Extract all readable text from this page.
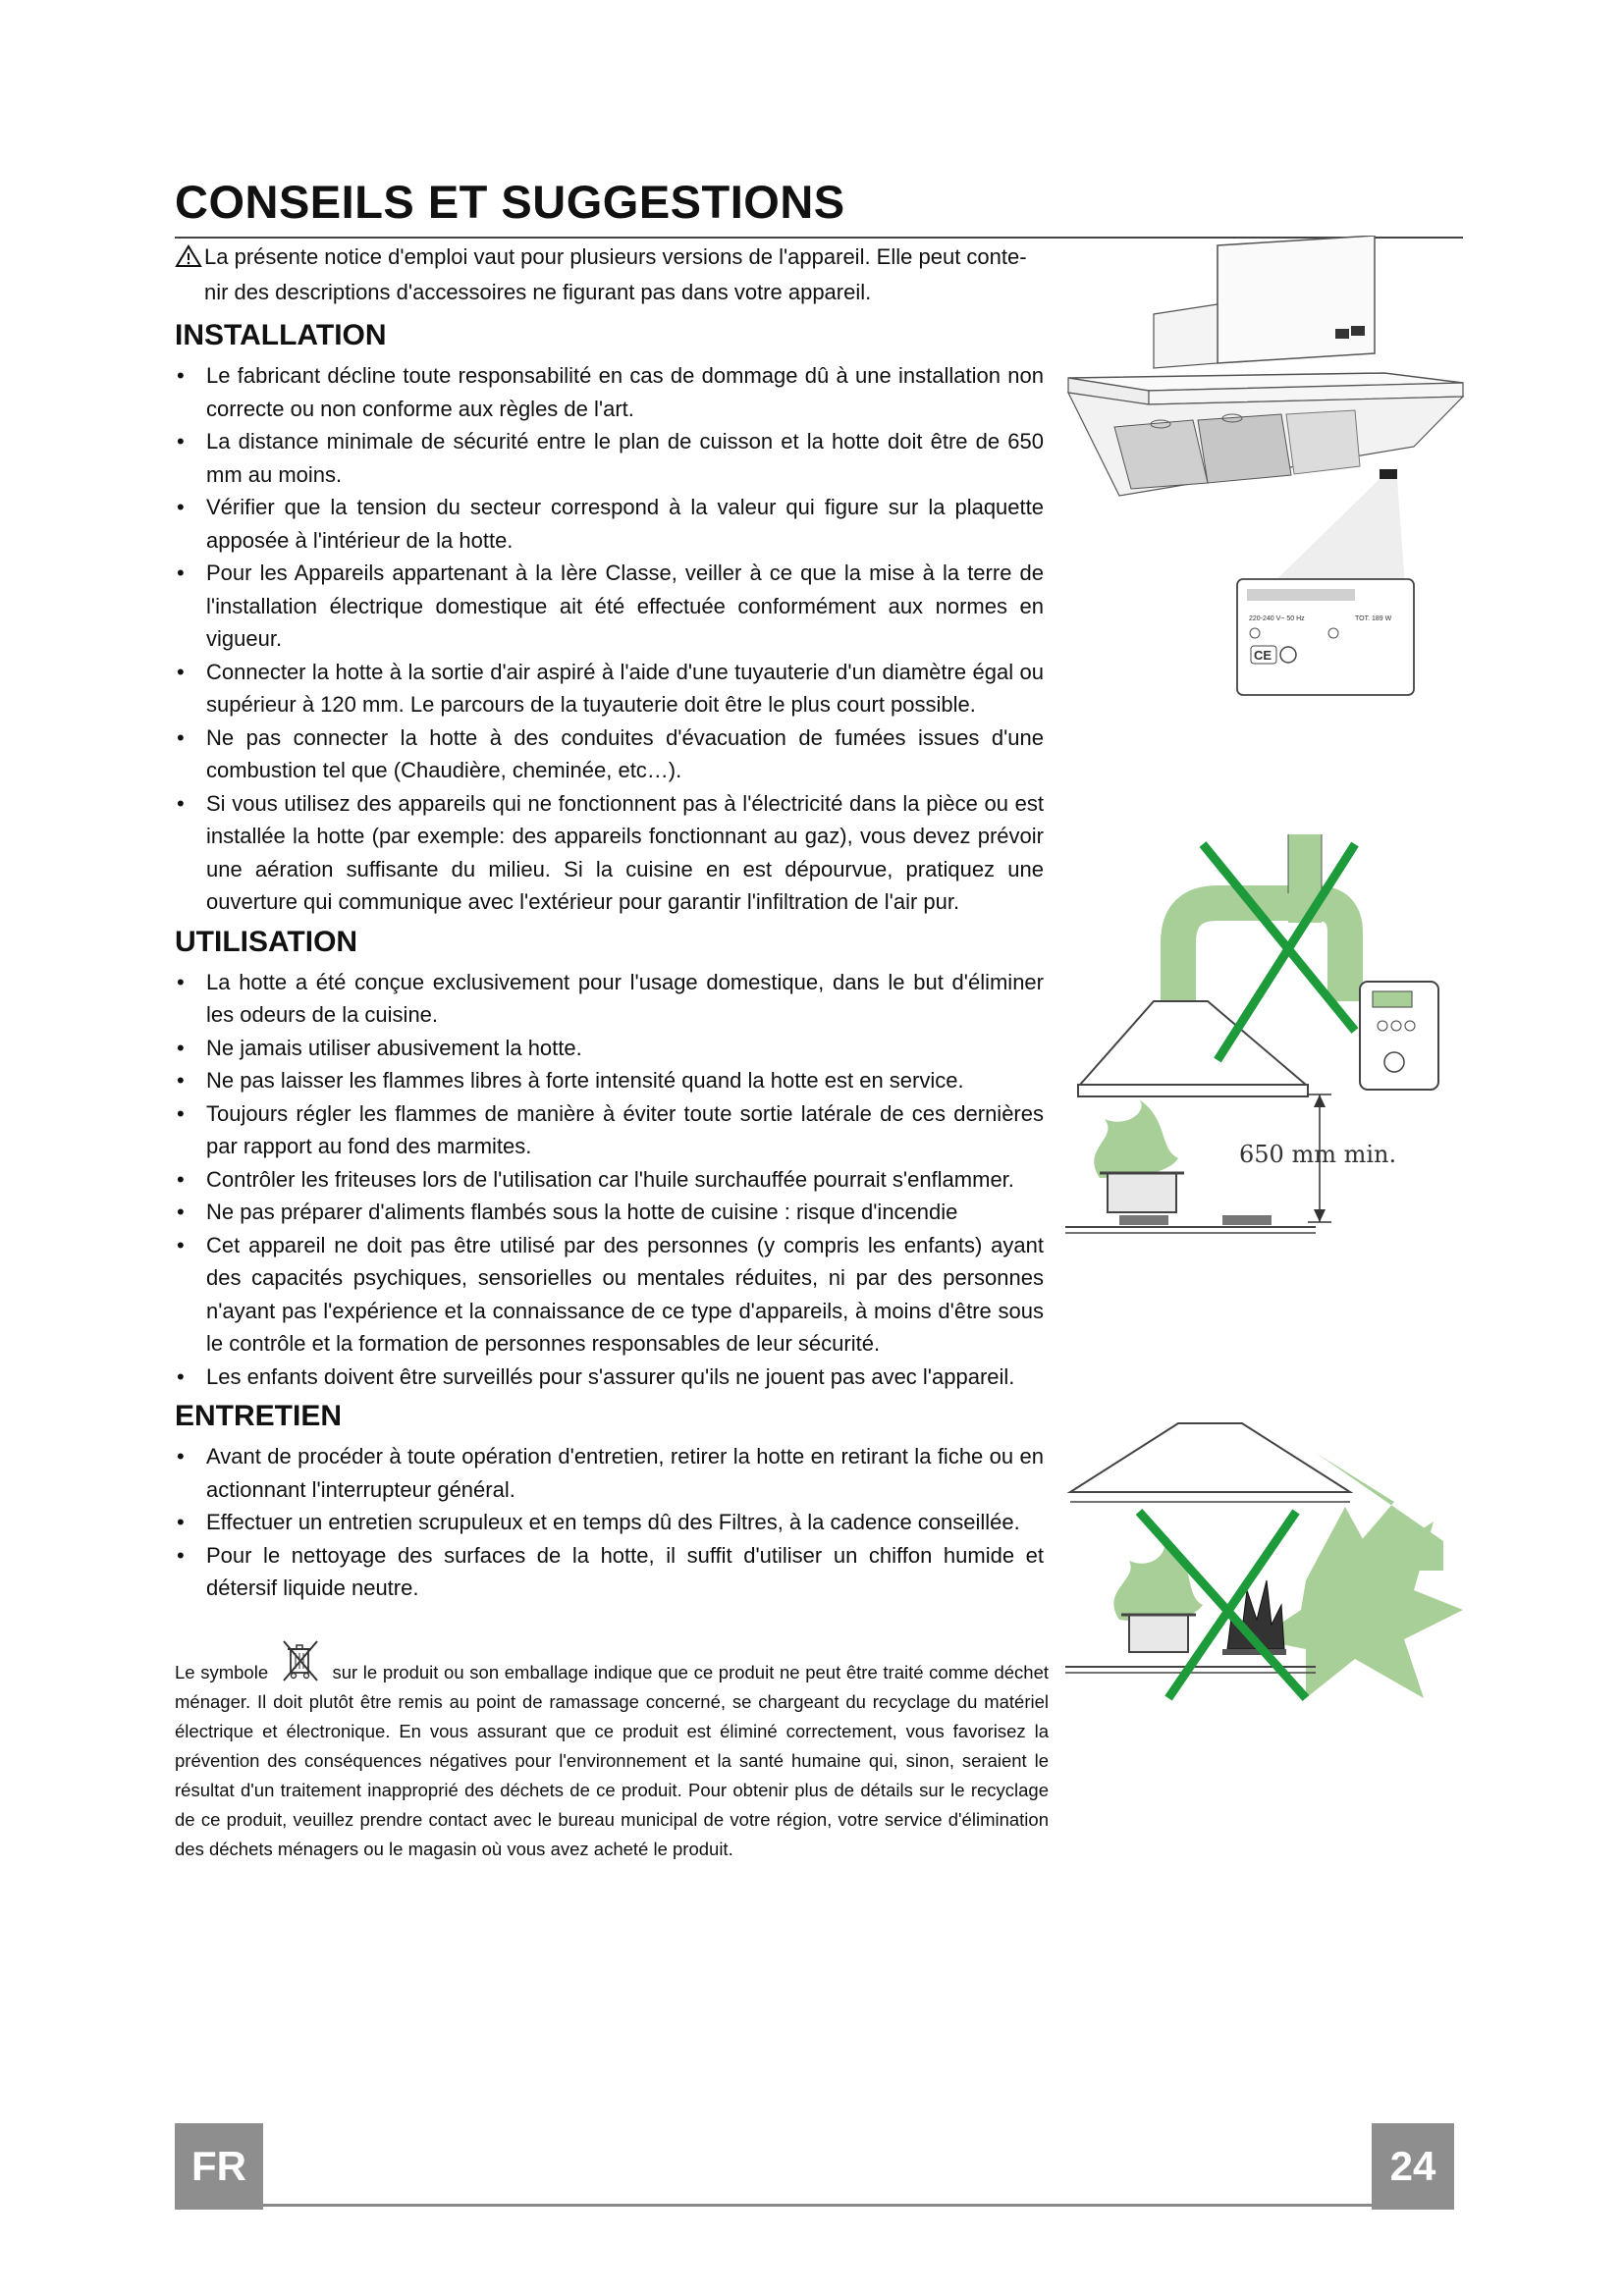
CONSEILS ET SUGGESTIONS
La présente notice d'emploi vaut pour plusieurs versions de l'appareil. Elle peut conte-
nir des descriptions d'accessoires ne figurant pas dans votre appareil.
INSTALLATION
• Le fabricant décline toute responsabilité en cas de dommage dû à une installation non correcte ou non conforme aux règles de l'art.
• La distance minimale de sécurité entre le plan de cuisson et la hotte doit être de 650 mm au moins.
• Vérifier que la tension du secteur correspond à la valeur qui figure sur la plaquette apposée à l'intérieur de la hotte.
• Pour les Appareils appartenant à la Ière Classe, veiller à ce que la mise à la terre de l'installation électrique domestique ait été effectuée conformément aux normes en vigueur.
• Connecter la hotte à la sortie d'air aspiré à l'aide d'une tuyauterie d'un diamètre égal ou supérieur à 120 mm. Le parcours de la tuyauterie doit être le plus court possible.
• Ne pas connecter la hotte à des conduites d'évacuation de fumées issues d'une combustion tel que (Chaudière, cheminée, etc…).
• Si vous utilisez des appareils qui ne fonctionnent pas à l'électricité dans la pièce ou est installée la hotte (par exemple: des appareils fonctionnant au gaz), vous devez prévoir une aération suffisante du milieu. Si la cuisine en est dépourvue, pratiquez une ouverture qui communique avec l'extérieur pour garantir l'infiltration de l'air pur.
UTILISATION
• La hotte a été conçue exclusivement pour l'usage domestique, dans le but d'éliminer les odeurs de la cuisine.
• Ne jamais utiliser abusivement la hotte.
• Ne pas laisser les flammes libres à forte intensité quand la hotte est en service.
• Toujours régler les flammes de manière à éviter toute sortie latérale de ces dernières par rapport au fond des marmites.
• Contrôler les friteuses lors de l'utilisation car l'huile surchauffée pourrait s'enflammer.
• Ne pas préparer d'aliments flambés sous la hotte de cuisine : risque d'incendie
• Cet appareil ne doit pas être utilisé par des personnes (y compris les enfants) ayant des capacités psychiques, sensorielles ou mentales réduites, ni par des personnes n'ayant pas l'expérience et la connaissance de ce type d'appareils, à moins d'être sous le contrôle et la formation de personnes responsables de leur sécurité.
• Les enfants doivent être surveillés pour s'assurer qu'ils ne jouent pas avec l'appareil.
ENTRETIEN
• Avant de procéder à toute opération d'entretien, retirer la hotte en retirant la fiche ou en actionnant l'interrupteur général.
• Effectuer un entretien scrupuleux et en temps dû des Filtres, à la cadence conseillée.
• Pour le nettoyage des surfaces de la hotte, il suffit d'utiliser un chiffon humide et détersif liquide neutre.
Le symbole	sur le produit ou son emballage indique que ce produit ne peut être traité comme déchet ménager. Il doit plutôt être remis au point de ramassage concerné, se chargeant du recyclage du matériel électrique et électronique. En vous assurant que ce produit est éliminé correctement, vous favorisez la prévention des conséquences négatives pour l'environnement et la santé humaine qui, sinon, seraient le résultat d'un traitement inapproprié des déchets de ce produit. Pour obtenir plus de détails sur le recyclage de ce produit, veuillez prendre contact avec le bureau municipal de votre région, votre service d'élimination des déchets ménagers ou le magasin où vous avez acheté le produit.
220-240 V~ 50 Hz	TOT. 189 W
CE
650 mm min.
FR	24
